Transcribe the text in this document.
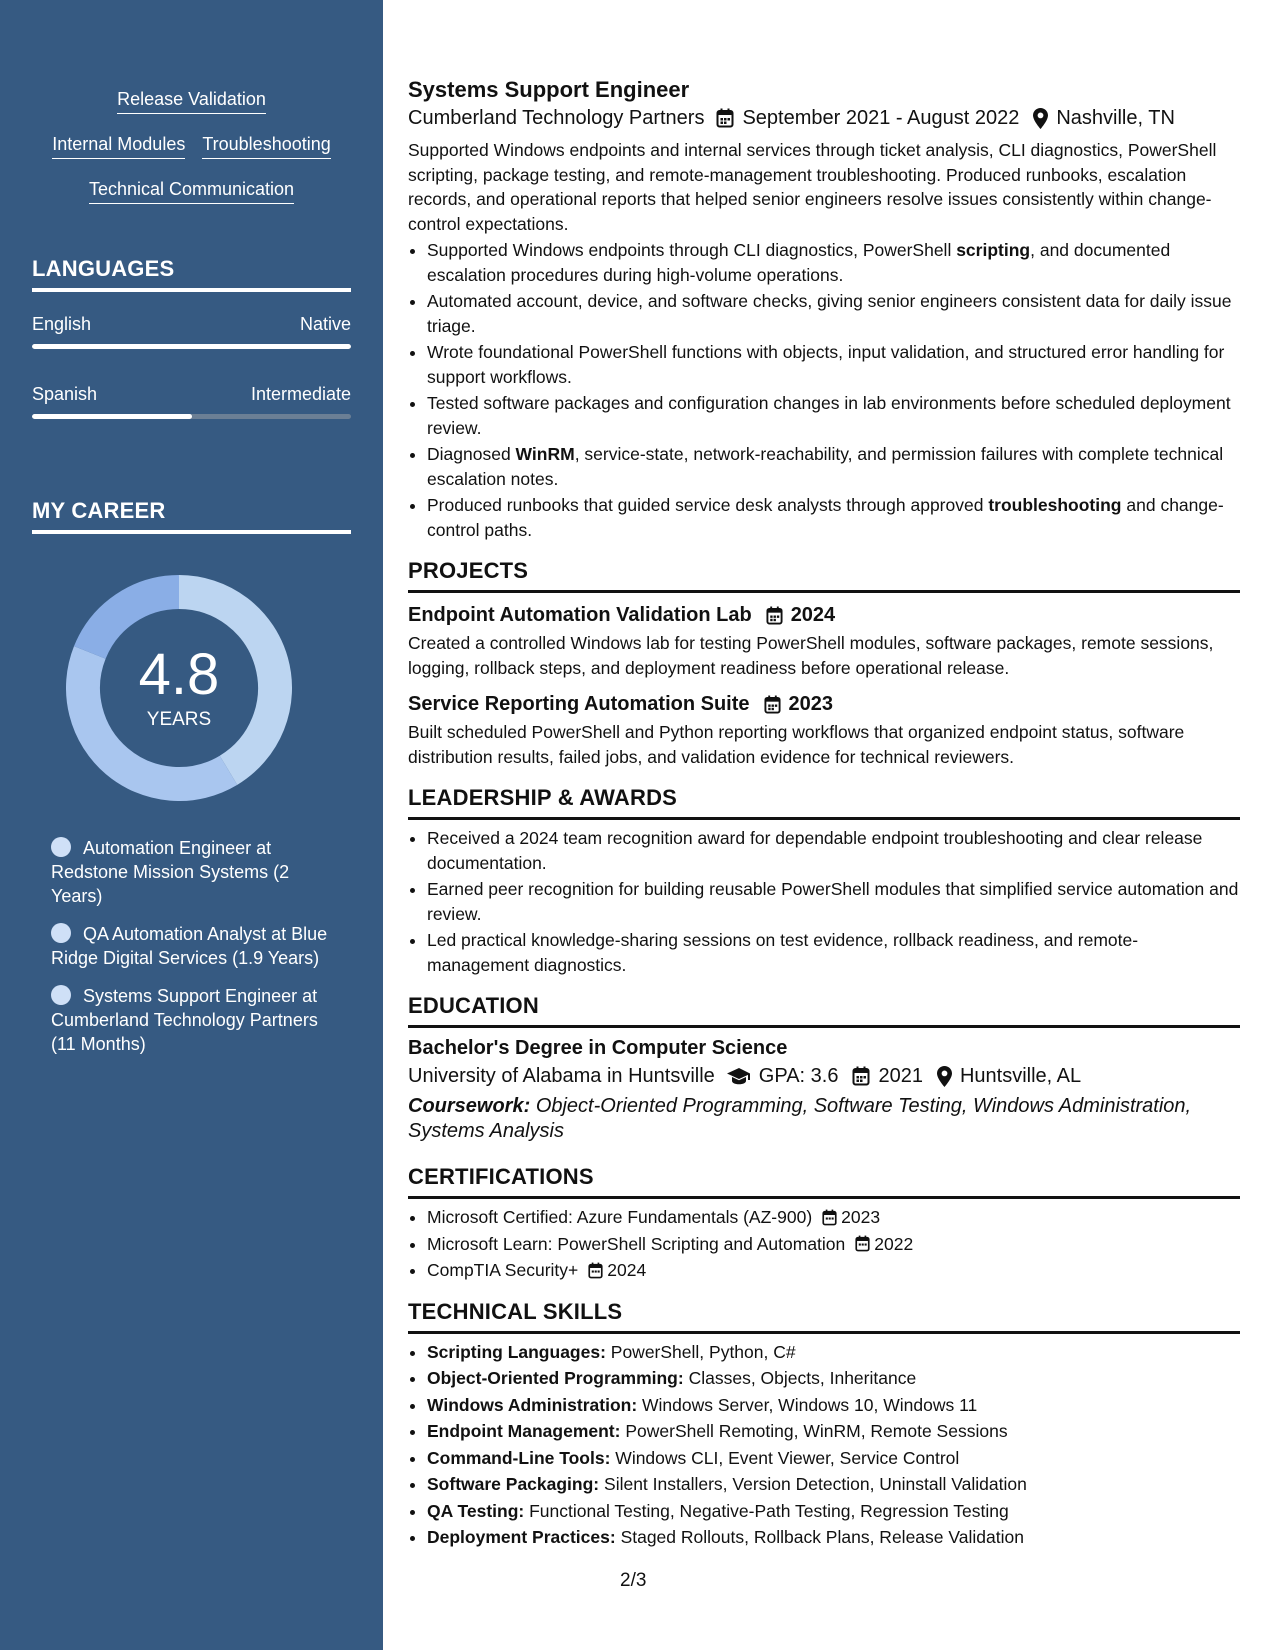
Release Validation
Internal Modules Troubleshooting
Technical Communication
LANGUAGES
English	Native
Spanish	Intermediate
MY CAREER
4.8
YEARS
Automation Engineer at Redstone Mission Systems (2 Years)
QA Automation Analyst at Blue Ridge Digital Services (1.9 Years)
Systems Support Engineer at Cumberland Technology Partners (11 Months)
Systems Support Engineer
Cumberland Technology Partners September 2021 - August 2022 Nashville, TN
Supported Windows endpoints and internal services through ticket analysis, CLI diagnostics, PowerShell scripting, package testing, and remote-management troubleshooting. Produced runbooks, escalation records, and operational reports that helped senior engineers resolve issues consistently within change-control expectations.
• Supported Windows endpoints through CLI diagnostics, PowerShell scripting, and documented escalation procedures during high-volume operations.
• Automated account, device, and software checks, giving senior engineers consistent data for daily issue triage.
• Wrote foundational PowerShell functions with objects, input validation, and structured error handling for support workflows.
• Tested software packages and configuration changes in lab environments before scheduled deployment review.
• Diagnosed WinRM, service-state, network-reachability, and permission failures with complete technical escalation notes.
• Produced runbooks that guided service desk analysts through approved troubleshooting and change-control paths.
PROJECTS
Endpoint Automation Validation Lab 2024
Created a controlled Windows lab for testing PowerShell modules, software packages, remote sessions, logging, rollback steps, and deployment readiness before operational release.
Service Reporting Automation Suite 2023
Built scheduled PowerShell and Python reporting workflows that organized endpoint status, software distribution results, failed jobs, and validation evidence for technical reviewers.
LEADERSHIP & AWARDS
• Received a 2024 team recognition award for dependable endpoint troubleshooting and clear release documentation.
• Earned peer recognition for building reusable PowerShell modules that simplified service automation and review.
• Led practical knowledge-sharing sessions on test evidence, rollback readiness, and remote-management diagnostics.
EDUCATION
Bachelor's Degree in Computer Science
University of Alabama in Huntsville GPA: 3.6 2021 Huntsville, AL
Coursework: Object-Oriented Programming, Software Testing, Windows Administration, Systems Analysis
CERTIFICATIONS
• Microsoft Certified: Azure Fundamentals (AZ-900) 2023
• Microsoft Learn: PowerShell Scripting and Automation 2022
• CompTIA Security+ 2024
TECHNICAL SKILLS
• Scripting Languages: PowerShell, Python, C#
• Object-Oriented Programming: Classes, Objects, Inheritance
• Windows Administration: Windows Server, Windows 10, Windows 11
• Endpoint Management: PowerShell Remoting, WinRM, Remote Sessions
• Command-Line Tools: Windows CLI, Event Viewer, Service Control
• Software Packaging: Silent Installers, Version Detection, Uninstall Validation
• QA Testing: Functional Testing, Negative-Path Testing, Regression Testing
• Deployment Practices: Staged Rollouts, Rollback Plans, Release Validation
2/3
